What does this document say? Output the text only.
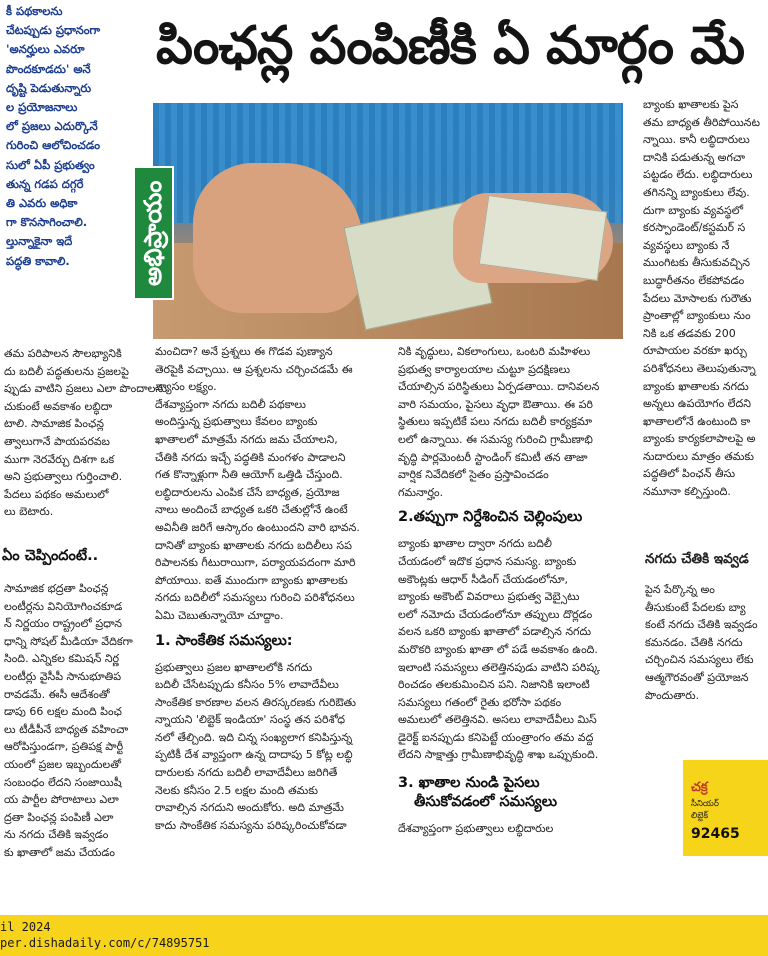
కీ పథకాలను

చేటప్పుడు ప్రధానంగా

'అనర్హులు ఎవరూ

పొందకూడదు' అనే

దృష్టి పెడుతున్నారు

ల ప్రయోజనాలు

లో ప్రజలు ఎదుర్కొనే

గురించి ఆలోచించడం

సులో ఏపీ ప్రభుత్వం

తున్న గడప దగ్గరే

తి ఎవరు అధికా

గా కొనసాగించాలి.

ల్తున్నాకైనా ఇదే

పద్ధతి కావాలి.

తమ పరిపాలన సౌలభ్యానికి

దు బదిలీ పద్ధతులను ప్రజలపై

ప్పుడు వాటిని ప్రజలు ఎలా పొందాలను

చుకుంటే అవకాశం లబ్ధిదా

టాలి. సామాజిక పింఛన్ల

త్వాలుగానే పాయపరవబ

ముగా నెరవేర్చు దిశగా ఒక

అని ప్రభుత్వాలు గుర్తించాలి.

పేదలు పథకం అమలులో

లు బెటారు.

ఏం చెప్పిందంటే..

సామాజిక భద్రతా పింఛన్ల

లంటీర్లను వినియోగించకూడ

న్ నిర్ణయం రాష్ట్రంలో ప్రధాన

ధాన్ని సోషల్ మీడియా వేదికగా

సింది. ఎన్నికల కమిషన్ నిర్ణ

లంటీర్లు వైసీపీ సానుభూతిప

రావడమే. ఈసీ ఆదేశంతో

డాపు 66 లక్షల మంది పింఛ

లు టీడీపీనే బాధ్యత వహించా

ఆరోపిస్తుండగా, ప్రతిపక్ష పార్టీ

యంలో ప్రజల ఇబ్బందులతో

సంబంధం లేదని సంజాయిషీ

య పార్టీల పోరాటాలు ఎలా

ద్రతా పింఛన్ల పంపిణీ ఎలా

ను నగదు చేతికి ఇవ్వడం

కు ఖాతాలో జమ చేయడం

పింఛన్ల పంపిణీకి ఏ మార్గం మే
అభిప్రాయం

మంచిదా? అనే ప్రశ్నలు ఈ గొడవ పుణ్యాన

తెరపైకి వచ్చాయి. ఆ ప్రశ్నలను చర్చించడమే ఈ

వ్యాసం లక్ష్యం.

దేశవ్యాప్తంగా నగదు బదిలీ పథకాలు

అందిస్తున్న ప్రభుత్వాలు కేవలం బ్యాంకు

ఖాతాలలో మాత్రమే నగదు జమ చేయాలని,

చేతికి నగదు ఇచ్చే పద్ధతికి మంగళం పాడాలని

గత కొన్నాళ్లుగా నీతి ఆయోగ్ ఒత్తిడి చేస్తుంది.

లబ్ధిదారులను ఎంపిక చేసే బాధ్యత, ప్రయోజ

నాలు అందించే బాధ్యత ఒకరి చేతుల్లోనే ఉంటే

అవినీతి జరిగే ఆస్కారం ఉంటుందని వారి భావన.

దానితో బ్యాంకు ఖాతాలకు నగదు బదిలీలు సప

రిపాలనకు గీటురాయిగా, పర్యాయపదంగా మారి

పోయాయి. ఐతే ముందుగా బ్యాంకు ఖాతాలకు

నగదు బదిలీలో సమస్యలు గురించి పరిశోధనలు

ఏమి చెబుతున్నాయో చూద్దాం.

1. సాంకేతిక సమస్యలు:

ప్రభుత్వాలు ప్రజల ఖాతాలలోకి నగదు

బదిలీ చేసేటప్పుడు కనీసం 5% లావాదేవీలు

సాంకేతిక కారణాల వలన తిరస్కరణకు గురిఔతు

న్నాయని 'లిబ్టెక్ ఇండియా' సంస్థ తన పరిశోధ

నలో తేల్చింది. ఇది చిన్న సంఖ్యలాగ కనిపిస్తున్న

ప్పటికీ దేశ వ్యాప్తంగా ఉన్న దాదాపు 5 కోట్ల లబ్ధి

దారులకు నగదు బదిలీ లావాదేవీలు జరిగితే

నెలకు కనీసం 2.5 లక్షల మంది తమకు

రావాల్సిన నగదుని అందుకోరు. అది మాత్రమే

కాదు సాంకేతిక సమస్యను పరిష్కరించుకోవడా

నికి వృద్ధులు, వికలాంగులు, ఒంటరి మహిళలు

ప్రభుత్వ కార్యాలయాల చుట్టూ ప్రదక్షిణలు

చేయాల్సిన పరిస్థితులు ఏర్పడతాయి. దానివలన

వారి సమయం, పైసలు వృధా ఔతాయి. ఈ పరి

స్థితులు ఇప్పటికే పలు నగదు బదిలీ కార్యక్రమా

లలో ఉన్నాయి. ఈ సమస్య గురించి గ్రామీణాభి

వృద్ధి పార్లమెంటరీ స్టాండింగ్ కమిటీ తన తాజా

వార్షిక నివేదికలో సైతం ప్రస్తావించడం

గమనార్హం.

2.తప్పుగా నిర్దేశించిన చెల్లింపులు

బ్యాంకు ఖాతాల ద్వారా నగదు బదిలీ

చేయడంలో ఇదొక ప్రధాన సమస్య. బ్యాంకు

అకౌంట్లకు ఆధార్ సీడింగ్ చేయడంలోనూ,

బ్యాంకు అకౌంట్ వివరాలు ప్రభుత్వ వెబ్సైటు

లలో నమోదు చేయడంలోనూ తప్పులు దొర్లడం

వలన ఒకరి బ్యాంకు ఖాతాలో పడాల్సిన నగదు

మరొకరి బ్యాంకు ఖాతా లో పడే అవకాశం ఉంది.

ఇలాంటి సమస్యలు తలెత్తినపుడు వాటిని పరిష్క

రించడం తలకుమించిన పని. నిజానికి ఇలాంటి

సమస్యలు గతంలో రైతు భరోసా పథకం

అమలులో తలెత్తినవి. అసలు లావాదేవీలు మిస్

డైరెక్ట్ ఐనప్పుడు కనిపెట్టే యంత్రాంగం తమ వద్ద

లేదని సాక్షాత్తు గ్రామీణాభివృద్ధి శాఖ ఒప్పుకుంది.

3. ఖాతాల నుండి పైసలు
తీసుకోవడంలో సమస్యలు

దేశవ్యాప్తంగా ప్రభుత్వాలు లబ్ధిదారుల

బ్యాంకు ఖాతాలకు పైస

తమ బాధ్యత తీరిపోయినట

న్నాయి. కానీ లబ్ధిదారులు

దానికి పడుతున్న అగచా

పట్టడం లేదు. లబ్ధిదారులు

తగినన్ని బ్యాంకులు లేవు.

దుగా బ్యాంకు వ్యవస్థలో

కరస్పాండెంట్/కస్టమర్ స

వ్యవస్థలు బ్యాంకు నే

ముంగిటకు తీసుకువచ్చిన

బుద్ధారీతనం లేకపోవడం

పేదలు మోసాలకు గురౌతు

ప్రాంతాల్లో బ్యాంకులు నుం

నికి ఒక తడవకు 200

రూపాయల వరకూ ఖర్చు

పరిశోధనలు తెలుపుతున్నా

బ్యాంకు ఖాతాలకు నగదు

అన్నలు ఉపయోగం లేదని

ఖాతాలలోనే ఉంటుంది కా

బ్యాంకు కార్యకలాపాలపై అ

నుదారులు మాత్రం తమకు

పద్ధతిలో పింఛన్ తీసు

నమూనా కల్పిస్తుంది.

నగదు చేతికి ఇవ్వడ

పైన పేర్కొన్న అం

తీసుకుంటే పేదలకు బ్యా

కంటే నగదు చేతికి ఇవ్వడం

కమనడం. చేతికి నగదు

చర్చించిన సమస్యలు లేకు

ఆత్మగౌరవంతో ప్రయోజన

పొందుతారు.

చక్ర
సీనియర్
లిబ్టెక్
92465
il 2024
per.dishadaily.com/c/74895751
